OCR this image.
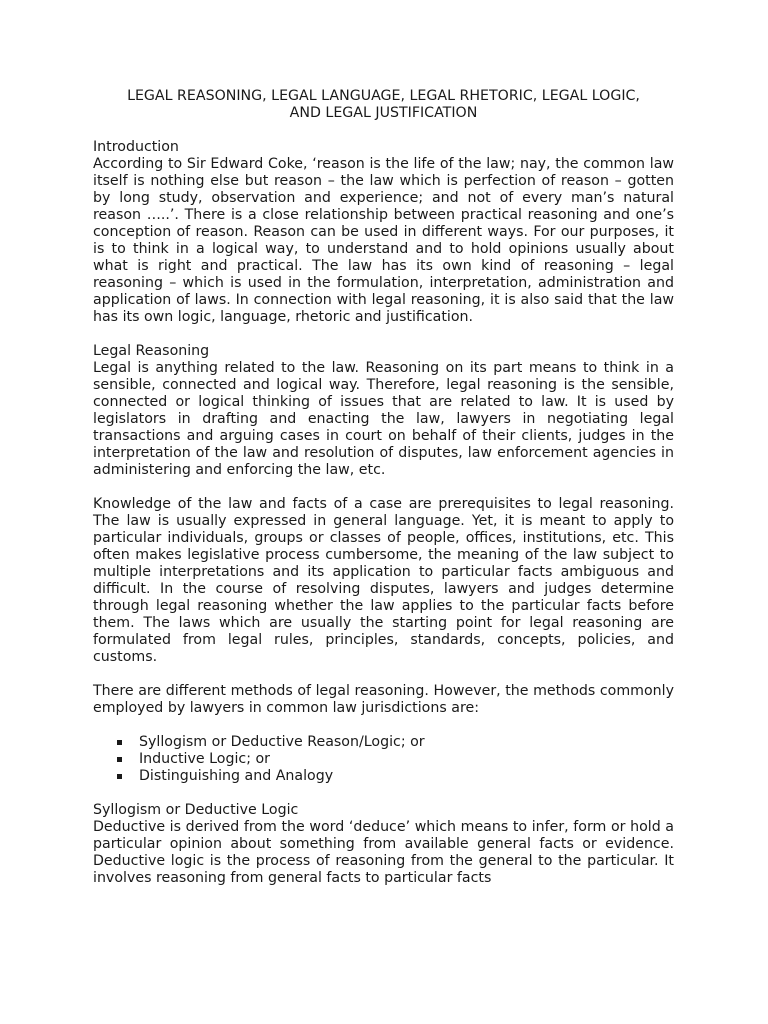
LEGAL REASONING, LEGAL LANGUAGE, LEGAL RHETORIC, LEGAL LOGIC,
AND LEGAL JUSTIFICATION
Introduction

According to Sir Edward Coke, ‘reason is the life of the law; nay, the common law itself is nothing else but reason – the law which is perfection of reason – gotten by long study, observation and experience; and not of every man’s natural reason …..’. There is a close relationship between practical reasoning and one’s conception of reason. Reason can be used in different ways. For our purposes, it is to think in a logical way, to understand and to hold opinions usually about what is right and practical. The law has its own kind of reasoning – legal reasoning – which is used in the formulation, interpretation, administration and application of laws. In connection with legal reasoning, it is also said that the law has its own logic, language, rhetoric and justification.

Legal Reasoning

Legal is anything related to the law. Reasoning on its part means to think in a sensible, connected and logical way. Therefore, legal reasoning is the sensible, connected or logical thinking of issues that are related to law. It is used by legislators in drafting and enacting the law, lawyers in negotiating legal transactions and arguing cases in court on behalf of their clients, judges in the interpretation of the law and resolution of disputes, law enforcement agencies in administering and enforcing the law, etc.

Knowledge of the law and facts of a case are prerequisites to legal reasoning. The law is usually expressed in general language. Yet, it is meant to apply to particular individuals, groups or classes of people, offices, institutions, etc. This often makes legislative process cumbersome, the meaning of the law subject to multiple interpretations and its application to particular facts ambiguous and difficult. In the course of resolving disputes, lawyers and judges determine through legal reasoning whether the law applies to the particular facts before them. The laws which are usually the starting point for legal reasoning are formulated from legal rules, principles, standards, concepts, policies, and customs.

There are different methods of legal reasoning. However, the methods commonly employed by lawyers in common law jurisdictions are:

Syllogism or Deductive Reason/Logic; or
Inductive Logic; or
Distinguishing and Analogy
Syllogism or Deductive Logic

Deductive is derived from the word ‘deduce’ which means to infer, form or hold a particular opinion about something from available general facts or evidence. Deductive logic is the process of reasoning from the general to the particular. It involves reasoning from general facts to particular facts
